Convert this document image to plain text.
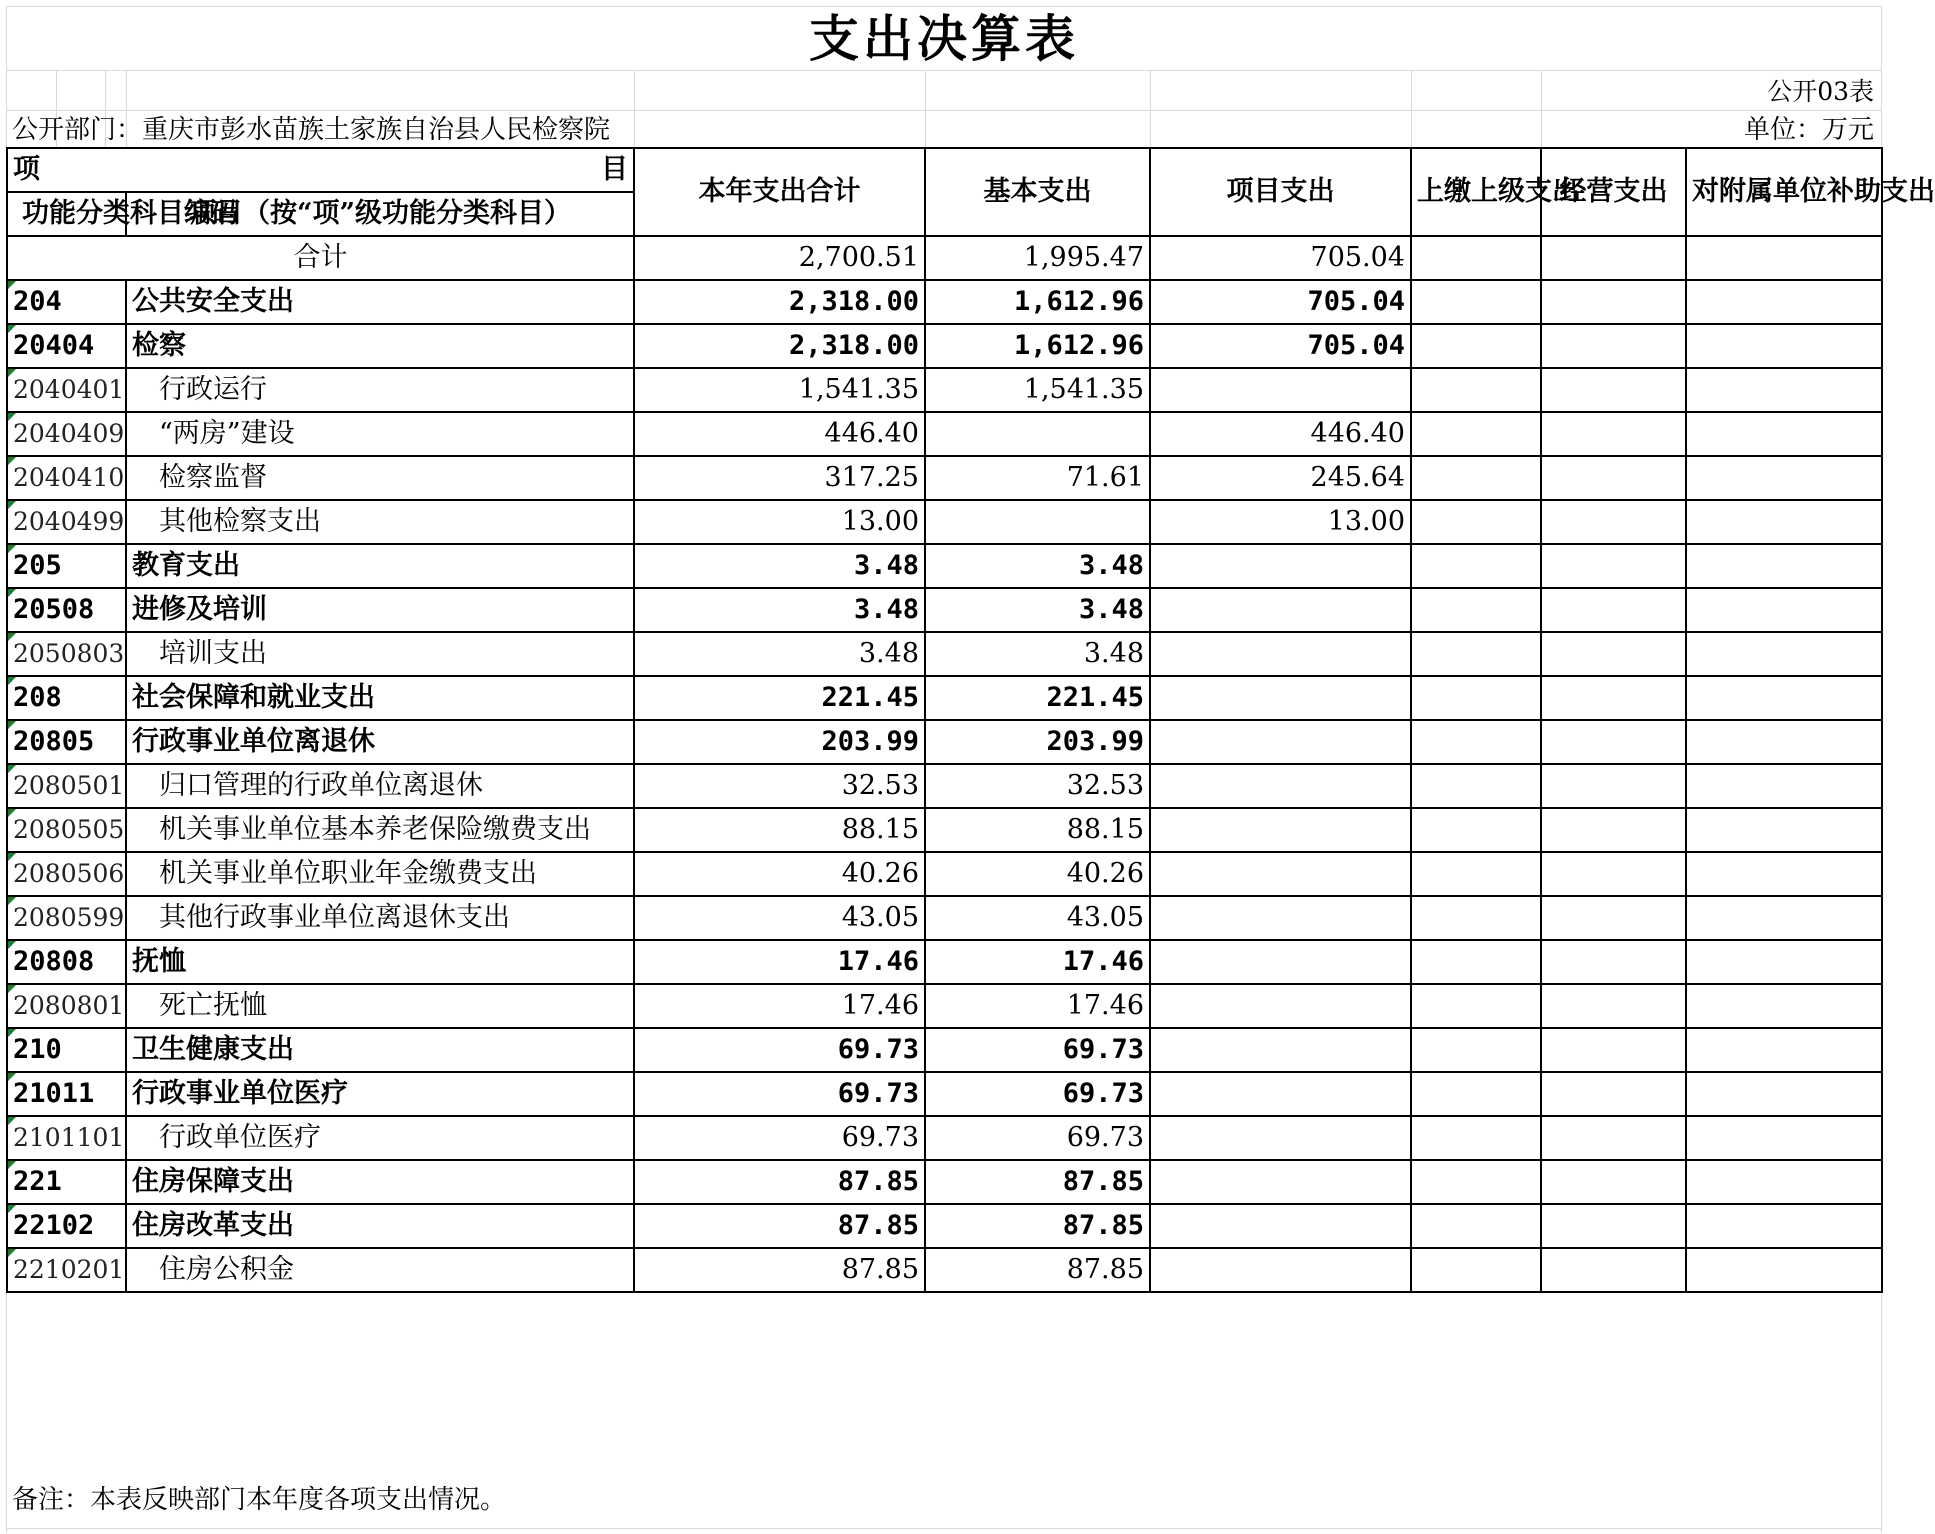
支出决算表
公开03表
公开部门：重庆市彭水苗族土家族自治县人民检察院	单位：万元
项 目		本年支出合计	基本支出	项目支出	上缴上级支出	经营支出	对附属单位补助支出
功能分类科目编码	项目（按“项”级功能分类科目）						
合计		2,700.51	1,995.47	705.04			
204	公共安全支出	2,318.00	1,612.96	705.04			
20404	检察	2,318.00	1,612.96	705.04			
2040401	行政运行	1,541.35	1,541.35				
2040409	“两房”建设	446.40		446.40			
2040410	检察监督	317.25	71.61	245.64			
2040499	其他检察支出	13.00		13.00			
205	教育支出	3.48	3.48				
20508	进修及培训	3.48	3.48				
2050803	培训支出	3.48	3.48				
208	社会保障和就业支出	221.45	221.45				
20805	行政事业单位离退休	203.99	203.99				
2080501	归口管理的行政单位离退休	32.53	32.53				
2080505	机关事业单位基本养老保险缴费支出	88.15	88.15				
2080506	机关事业单位职业年金缴费支出	40.26	40.26				
2080599	其他行政事业单位离退休支出	43.05	43.05				
20808	抚恤	17.46	17.46				
2080801	死亡抚恤	17.46	17.46				
210	卫生健康支出	69.73	69.73				
21011	行政事业单位医疗	69.73	69.73				
2101101	行政单位医疗	69.73	69.73				
221	住房保障支出	87.85	87.85				
22102	住房改革支出	87.85	87.85				
2210201	住房公积金	87.85	87.85				
备注：本表反映部门本年度各项支出情况。
